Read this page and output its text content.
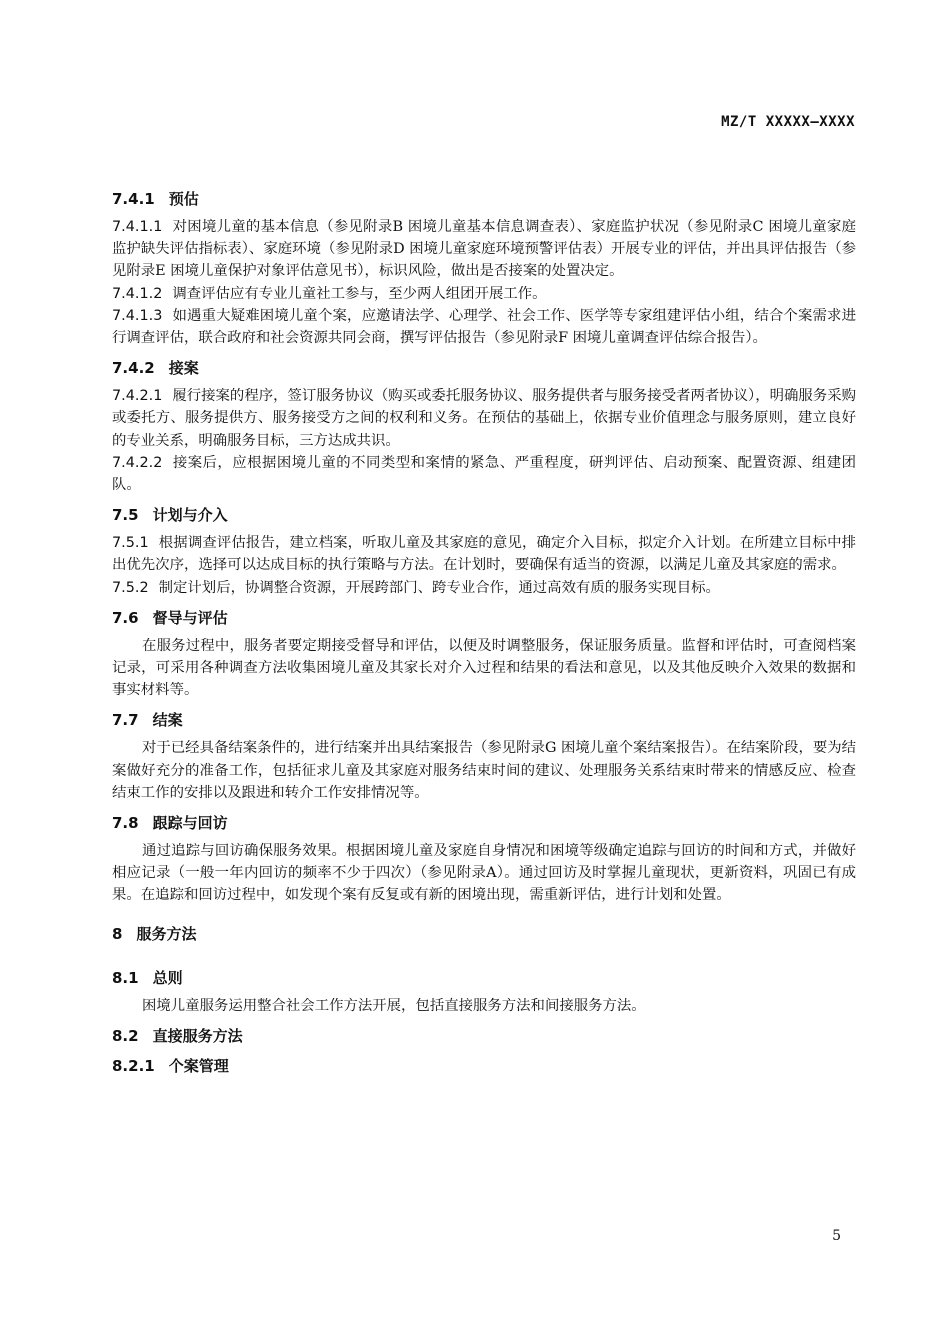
MZ/T XXXXX—XXXX
7.4.1 预估

7.4.1.1 对困境儿童的基本信息（参见附录B 困境儿童基本信息调查表）、家庭监护状况（参见附录C 困境儿童家庭监护缺失评估指标表）、家庭环境（参见附录D 困境儿童家庭环境预警评估表）开展专业的评估，并出具评估报告（参见附录E 困境儿童保护对象评估意见书），标识风险，做出是否接案的处置决定。

7.4.1.2 调查评估应有专业儿童社工参与，至少两人组团开展工作。

7.4.1.3 如遇重大疑难困境儿童个案，应邀请法学、心理学、社会工作、医学等专家组建评估小组，结合个案需求进行调查评估，联合政府和社会资源共同会商，撰写评估报告（参见附录F 困境儿童调查评估综合报告）。

7.4.2 接案

7.4.2.1 履行接案的程序，签订服务协议（购买或委托服务协议、服务提供者与服务接受者两者协议），明确服务采购或委托方、服务提供方、服务接受方之间的权利和义务。在预估的基础上，依据专业价值理念与服务原则，建立良好的专业关系，明确服务目标，三方达成共识。

7.4.2.2 接案后，应根据困境儿童的不同类型和案情的紧急、严重程度，研判评估、启动预案、配置资源、组建团队。

7.5 计划与介入

7.5.1 根据调查评估报告，建立档案，听取儿童及其家庭的意见，确定介入目标，拟定介入计划。在所建立目标中排出优先次序，选择可以达成目标的执行策略与方法。在计划时，要确保有适当的资源，以满足儿童及其家庭的需求。

7.5.2 制定计划后，协调整合资源，开展跨部门、跨专业合作，通过高效有质的服务实现目标。

7.6 督导与评估

在服务过程中，服务者要定期接受督导和评估，以便及时调整服务，保证服务质量。监督和评估时，可查阅档案记录，可采用各种调查方法收集困境儿童及其家长对介入过程和结果的看法和意见，以及其他反映介入效果的数据和事实材料等。

7.7 结案

对于已经具备结案条件的，进行结案并出具结案报告（参见附录G 困境儿童个案结案报告）。在结案阶段，要为结案做好充分的准备工作，包括征求儿童及其家庭对服务结束时间的建议、处理服务关系结束时带来的情感反应、检查结束工作的安排以及跟进和转介工作安排情况等。

7.8 跟踪与回访

通过追踪与回访确保服务效果。根据困境儿童及家庭自身情况和困境等级确定追踪与回访的时间和方式，并做好相应记录（一般一年内回访的频率不少于四次）（参见附录A）。通过回访及时掌握儿童现状，更新资料，巩固已有成果。在追踪和回访过程中，如发现个案有反复或有新的困境出现，需重新评估，进行计划和处置。

8 服务方法
8.1 总则

困境儿童服务运用整合社会工作方法开展，包括直接服务方法和间接服务方法。

8.2 直接服务方法
8.2.1 个案管理
5
